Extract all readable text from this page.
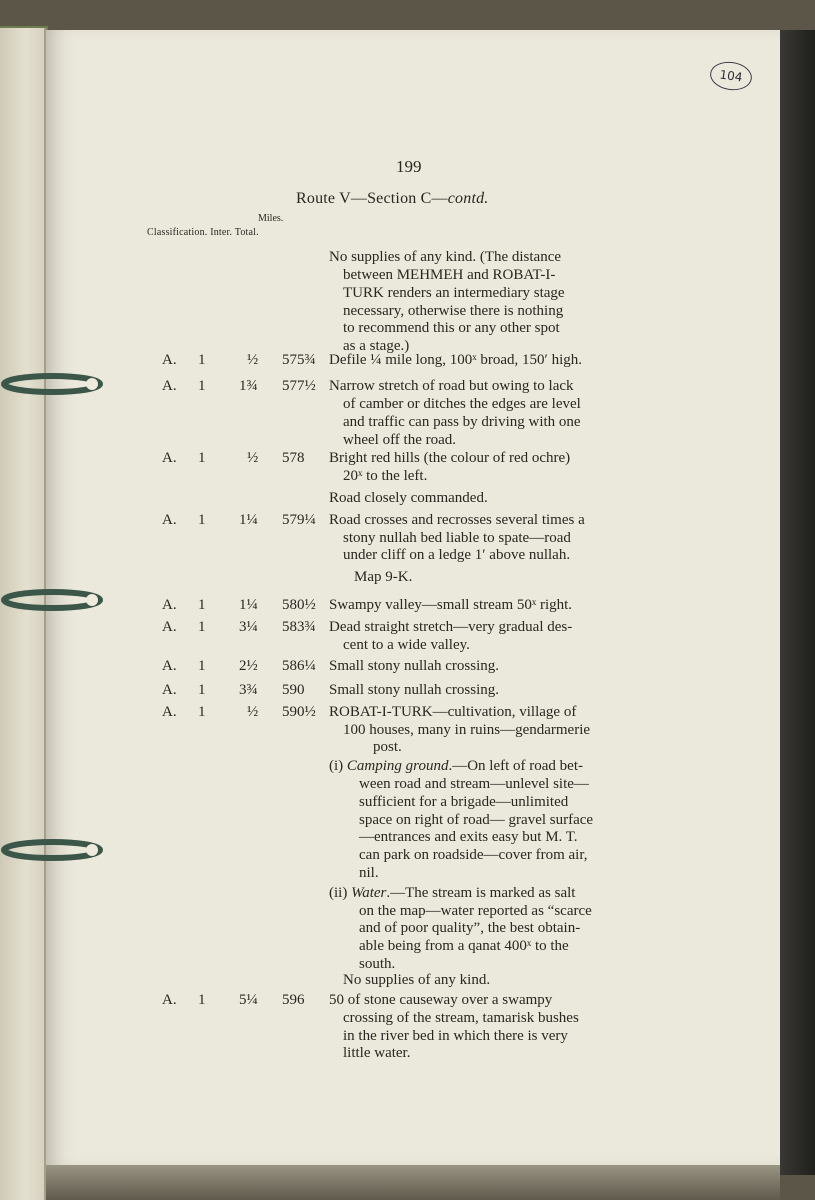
104
199
Route V—Section C—contd.
Miles.
Classification. Inter. Total.
No supplies of any kind. (The distance
between MEHMEH and ROBAT-I-
TURK renders an intermediary stage
necessary, otherwise there is nothing
to recommend this or any other spot
as a stage.)
A. 1	½ 575¾ Defile ¼ mile long, 100ˣ broad, 150′ high.
A. 1 1¾ 577½ Narrow stretch of road but owing to lack
of camber or ditches the edges are level
and traffic can pass by driving with one
wheel off the road.
A. 1	½ 578 Bright red hills (the colour of red ochre)
20ˣ to the left.
Road closely commanded.
A. 1 1¼ 579¼ Road crosses and recrosses several times a
stony nullah bed liable to spate—road
under cliff on a ledge 1′ above nullah.
Map 9-K.
A. 1 1¼ 580½ Swampy valley—small stream 50ˣ right.
A. 1 3¼ 583¾ Dead straight stretch—very gradual des-
cent to a wide valley.
A. 1 2½ 586¼ Small stony nullah crossing.
A. 1 3¾ 590 Small stony nullah crossing.
A. 1	½ 590½ ROBAT-I-TURK—cultivation, village of
100 houses, many in ruins—gendarmerie
post.
(i) Camping ground.—On left of road bet-
ween road and stream—unlevel site—
sufficient for a brigade—unlimited
space on right of road— gravel surface
—entrances and exits easy but M. T.
can park on roadside—cover from air,
nil.
(ii) Water.—The stream is marked as salt
on the map—water reported as “scarce
and of poor quality”, the best obtain-
able being from a qanat 400ˣ to the
south.
No supplies of any kind.
A. 1 5¼ 596 50 of stone causeway over a swampy
crossing of the stream, tamarisk bushes
in the river bed in which there is very
little water.
